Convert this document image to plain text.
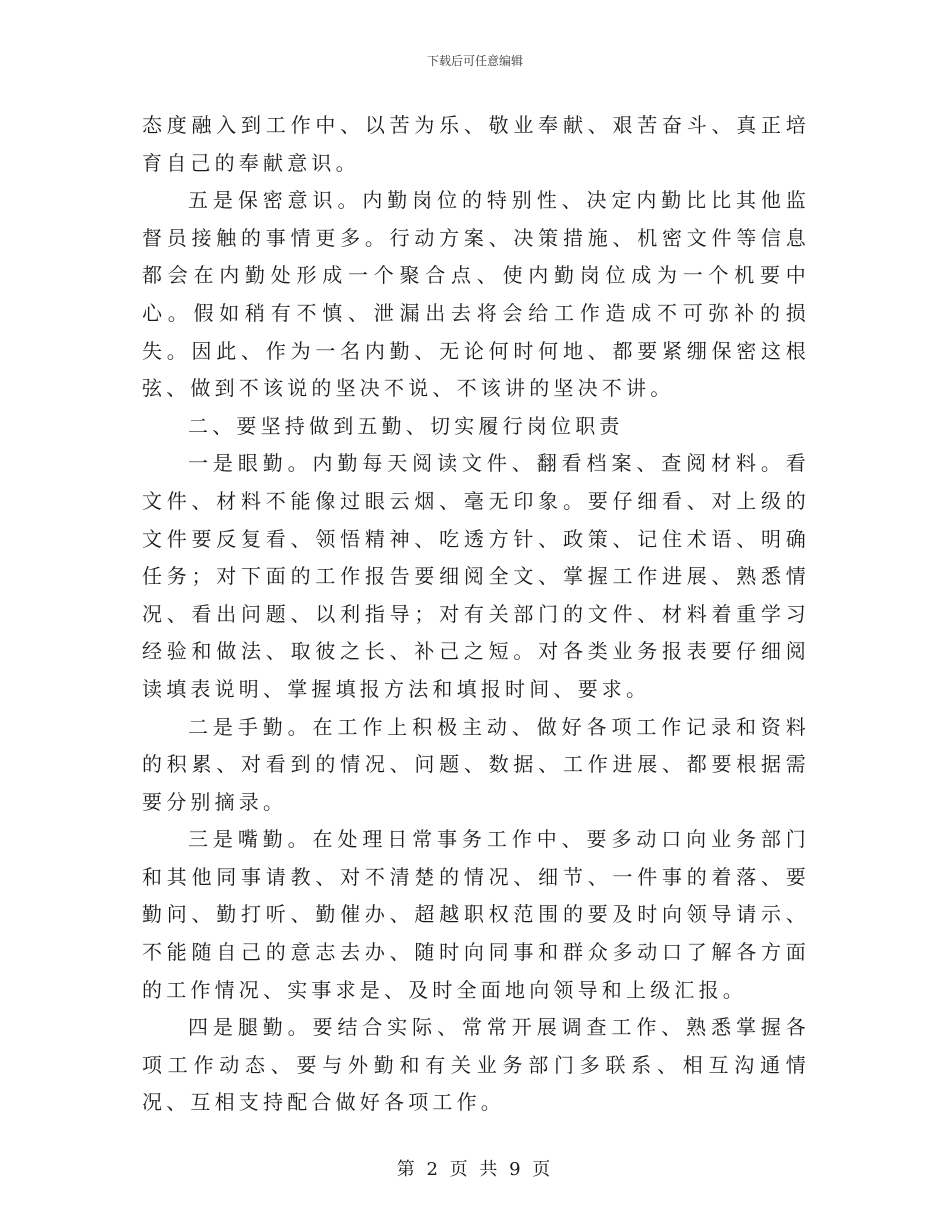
下载后可任意编辑

态度融入到工作中、以苦为乐、敬业奉献、艰苦奋斗、真正培育自己的奉献意识。

五是保密意识。内勤岗位的特别性、决定内勤比比其他监督员接触的事情更多。行动方案、决策措施、机密文件等信息都会在内勤处形成一个聚合点、使内勤岗位成为一个机要中心。假如稍有不慎、泄漏出去将会给工作造成不可弥补的损失。因此、作为一名内勤、无论何时何地、都要紧绷保密这根弦、做到不该说的坚决不说、不该讲的坚决不讲。

二、要坚持做到五勤、切实履行岗位职责

一是眼勤。内勤每天阅读文件、翻看档案、查阅材料。看文件、材料不能像过眼云烟、毫无印象。要仔细看、对上级的文件要反复看、领悟精神、吃透方针、政策、记住术语、明确任务；对下面的工作报告要细阅全文、掌握工作进展、熟悉情况、看出问题、以利指导；对有关部门的文件、材料着重学习经验和做法、取彼之长、补己之短。对各类业务报表要仔细阅读填表说明、掌握填报方法和填报时间、要求。

二是手勤。在工作上积极主动、做好各项工作记录和资料的积累、对看到的情况、问题、数据、工作进展、都要根据需要分别摘录。

三是嘴勤。在处理日常事务工作中、要多动口向业务部门和其他同事请教、对不清楚的情况、细节、一件事的着落、要勤问、勤打听、勤催办、超越职权范围的要及时向领导请示、不能随自己的意志去办、随时向同事和群众多动口了解各方面的工作情况、实事求是、及时全面地向领导和上级汇报。

四是腿勤。要结合实际、常常开展调查工作、熟悉掌握各项工作动态、要与外勤和有关业务部门多联系、相互沟通情况、互相支持配合做好各项工作。

第 2 页 共 9 页
